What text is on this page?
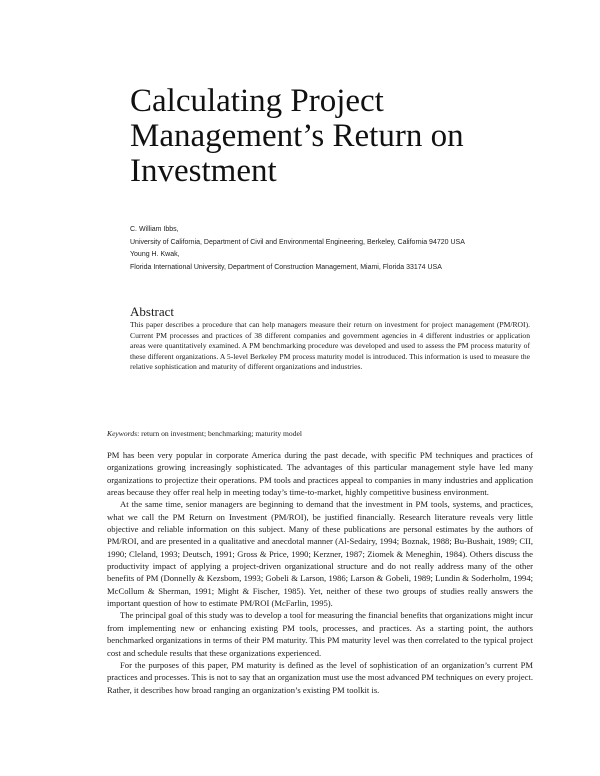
Calculating Project Management’s Return on Investment
C. William Ibbs,
University of California, Department of Civil and Environmental Engineering, Berkeley, California 94720 USA
Young H. Kwak,
Florida International University, Department of Construction Management, Miami, Florida 33174 USA
Abstract

This paper describes a procedure that can help managers measure their return on investment for project management (PM/ROI). Current PM processes and practices of 38 different companies and government agencies in 4 different industries or application areas were quantitatively examined. A PM benchmarking procedure was developed and used to assess the PM process maturity of these different organizations. A 5-level Berkeley PM process maturity model is introduced. This information is used to measure the relative sophistication and maturity of different organizations and industries.

Keywords: return on investment; benchmarking; maturity model

PM has been very popular in corporate America during the past decade, with specific PM techniques and practices of organizations growing increasingly sophisticated. The advantages of this particular management style have led many organizations to projectize their operations. PM tools and practices appeal to companies in many industries and application areas because they offer real help in meeting today’s time-to-market, highly competitive business environment.

At the same time, senior managers are beginning to demand that the investment in PM tools, systems, and practices, what we call the PM Return on Investment (PM/ROI), be justified financially. Research literature reveals very little objective and reliable information on this subject. Many of these publications are personal estimates by the authors of PM/ROI, and are presented in a qualitative and anecdotal manner (Al-Sedairy, 1994; Boznak, 1988; Bu-Bushait, 1989; CII, 1990; Cleland, 1993; Deutsch, 1991; Gross & Price, 1990; Kerzner, 1987; Ziomek & Meneghin, 1984). Others discuss the productivity impact of applying a project-driven organizational structure and do not really address many of the other benefits of PM (Donnelly & Kezsbom, 1993; Gobeli & Larson, 1986; Larson & Gobeli, 1989; Lundin & Soderholm, 1994; McCollum & Sherman, 1991; Might & Fischer, 1985). Yet, neither of these two groups of studies really answers the important question of how to estimate PM/ROI (McFarlin, 1995).

The principal goal of this study was to develop a tool for measuring the financial benefits that organizations might incur from implementing new or enhancing existing PM tools, processes, and practices. As a starting point, the authors benchmarked organizations in terms of their PM maturity. This PM maturity level was then correlated to the typical project cost and schedule results that these organizations experienced.

For the purposes of this paper, PM maturity is defined as the level of sophistication of an organization’s current PM practices and processes. This is not to say that an organization must use the most advanced PM techniques on every project. Rather, it describes how broad ranging an organization’s existing PM toolkit is.
